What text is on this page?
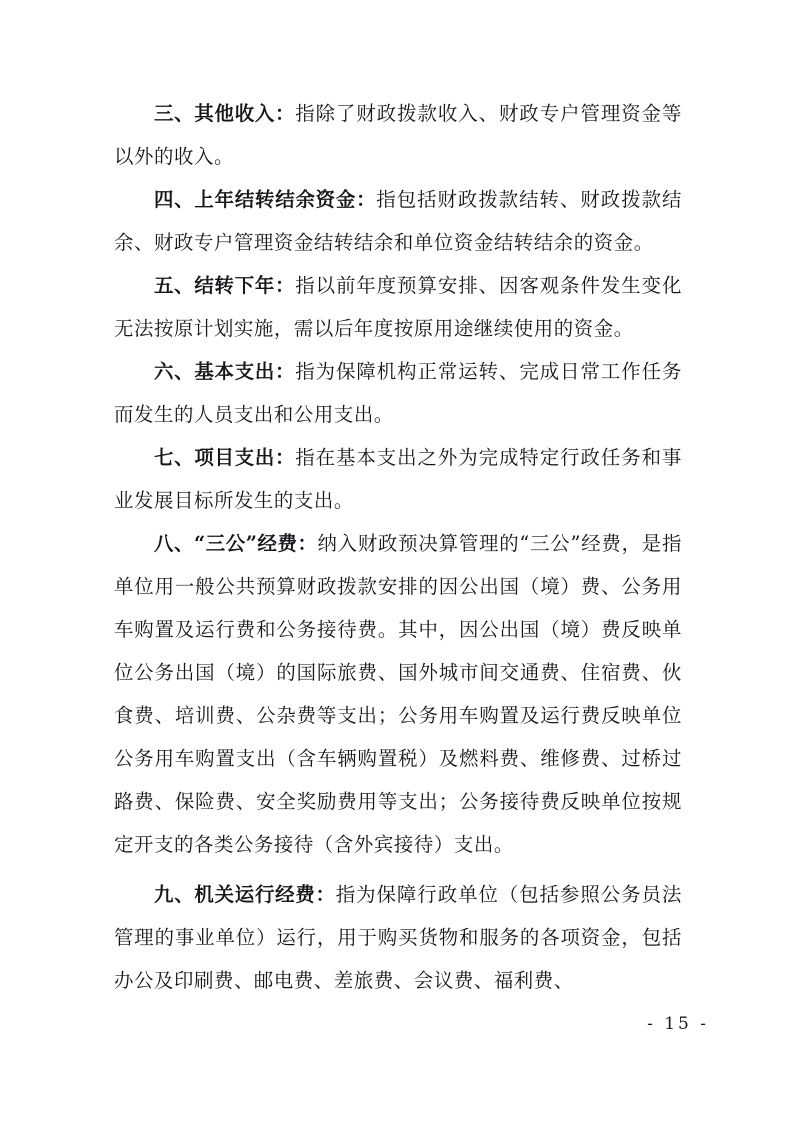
三、其他收入：指除了财政拨款收入、财政专户管理资金等以外的收入。

四、上年结转结余资金：指包括财政拨款结转、财政拨款结余、财政专户管理资金结转结余和单位资金结转结余的资金。

五、结转下年：指以前年度预算安排、因客观条件发生变化无法按原计划实施，需以后年度按原用途继续使用的资金。

六、基本支出：指为保障机构正常运转、完成日常工作任务而发生的人员支出和公用支出。

七、项目支出：指在基本支出之外为完成特定行政任务和事业发展目标所发生的支出。

八、“三公”经费：纳入财政预决算管理的“三公”经费，是指单位用一般公共预算财政拨款安排的因公出国（境）费、公务用车购置及运行费和公务接待费。其中，因公出国（境）费反映单位公务出国（境）的国际旅费、国外城市间交通费、住宿费、伙食费、培训费、公杂费等支出；公务用车购置及运行费反映单位公务用车购置支出（含车辆购置税）及燃料费、维修费、过桥过路费、保险费、安全奖励费用等支出；公务接待费反映单位按规定开支的各类公务接待（含外宾接待）支出。

九、机关运行经费：指为保障行政单位（包括参照公务员法管理的事业单位）运行，用于购买货物和服务的各项资金，包括办公及印刷费、邮电费、差旅费、会议费、福利费、

- 15 -
